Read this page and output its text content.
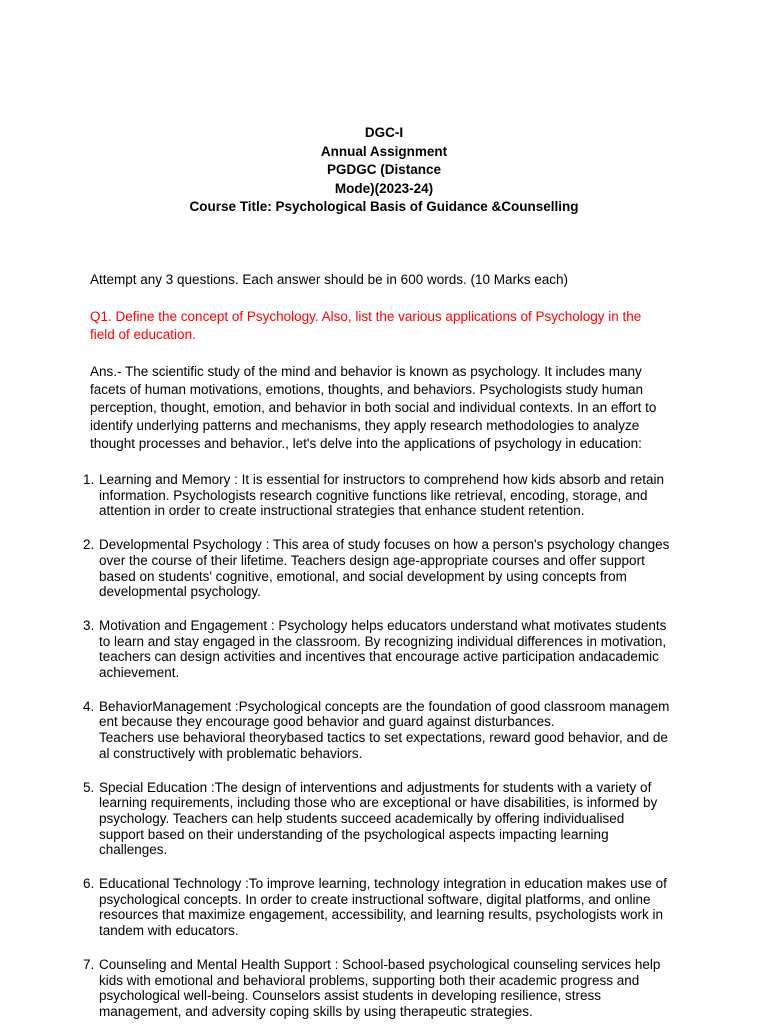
DGC-I
Annual Assignment
PGDGC (Distance
Mode)(2023-24)
Course Title: Psychological Basis of Guidance &Counselling

Attempt any 3 questions. Each answer should be in 600 words. (10 Marks each)

Q1. Define the concept of Psychology. Also, list the various applications of Psychology in the
field of education.

Ans.- The scientific study of the mind and behavior is known as psychology. It includes many
facets of human motivations, emotions, thoughts, and behaviors. Psychologists study human
perception, thought, emotion, and behavior in both social and individual contexts. In an effort to
identify underlying patterns and mechanisms, they apply research methodologies to analyze
thought processes and behavior., let's delve into the applications of psychology in education:

1. Learning and Memory : It is essential for instructors to comprehend how kids absorb and retain
information. Psychologists research cognitive functions like retrieval, encoding, storage, and
attention in order to create instructional strategies that enhance student retention.
2. Developmental Psychology : This area of study focuses on how a person's psychology changes
over the course of their lifetime. Teachers design age-appropriate courses and offer support
based on students' cognitive, emotional, and social development by using concepts from
developmental psychology.
3. Motivation and Engagement : Psychology helps educators understand what motivates students
to learn and stay engaged in the classroom. By recognizing individual differences in motivation,
teachers can design activities and incentives that encourage active participation andacademic
achievement.
4. BehaviorManagement :Psychological concepts are the foundation of good classroom managem
ent because they encourage good behavior and guard against disturbances.
Teachers use behavioral theorybased tactics to set expectations, reward good behavior, and de
al constructively with problematic behaviors.
5. Special Education :The design of interventions and adjustments for students with a variety of
learning requirements, including those who are exceptional or have disabilities, is informed by
psychology. Teachers can help students succeed academically by offering individualised
support based on their understanding of the psychological aspects impacting learning
challenges.
6. Educational Technology :To improve learning, technology integration in education makes use of
psychological concepts. In order to create instructional software, digital platforms, and online
resources that maximize engagement, accessibility, and learning results, psychologists work in
tandem with educators.
7. Counseling and Mental Health Support : School-based psychological counseling services help
kids with emotional and behavioral problems, supporting both their academic progress and
psychological well-being. Counselors assist students in developing resilience, stress
management, and adversity coping skills by using therapeutic strategies.
